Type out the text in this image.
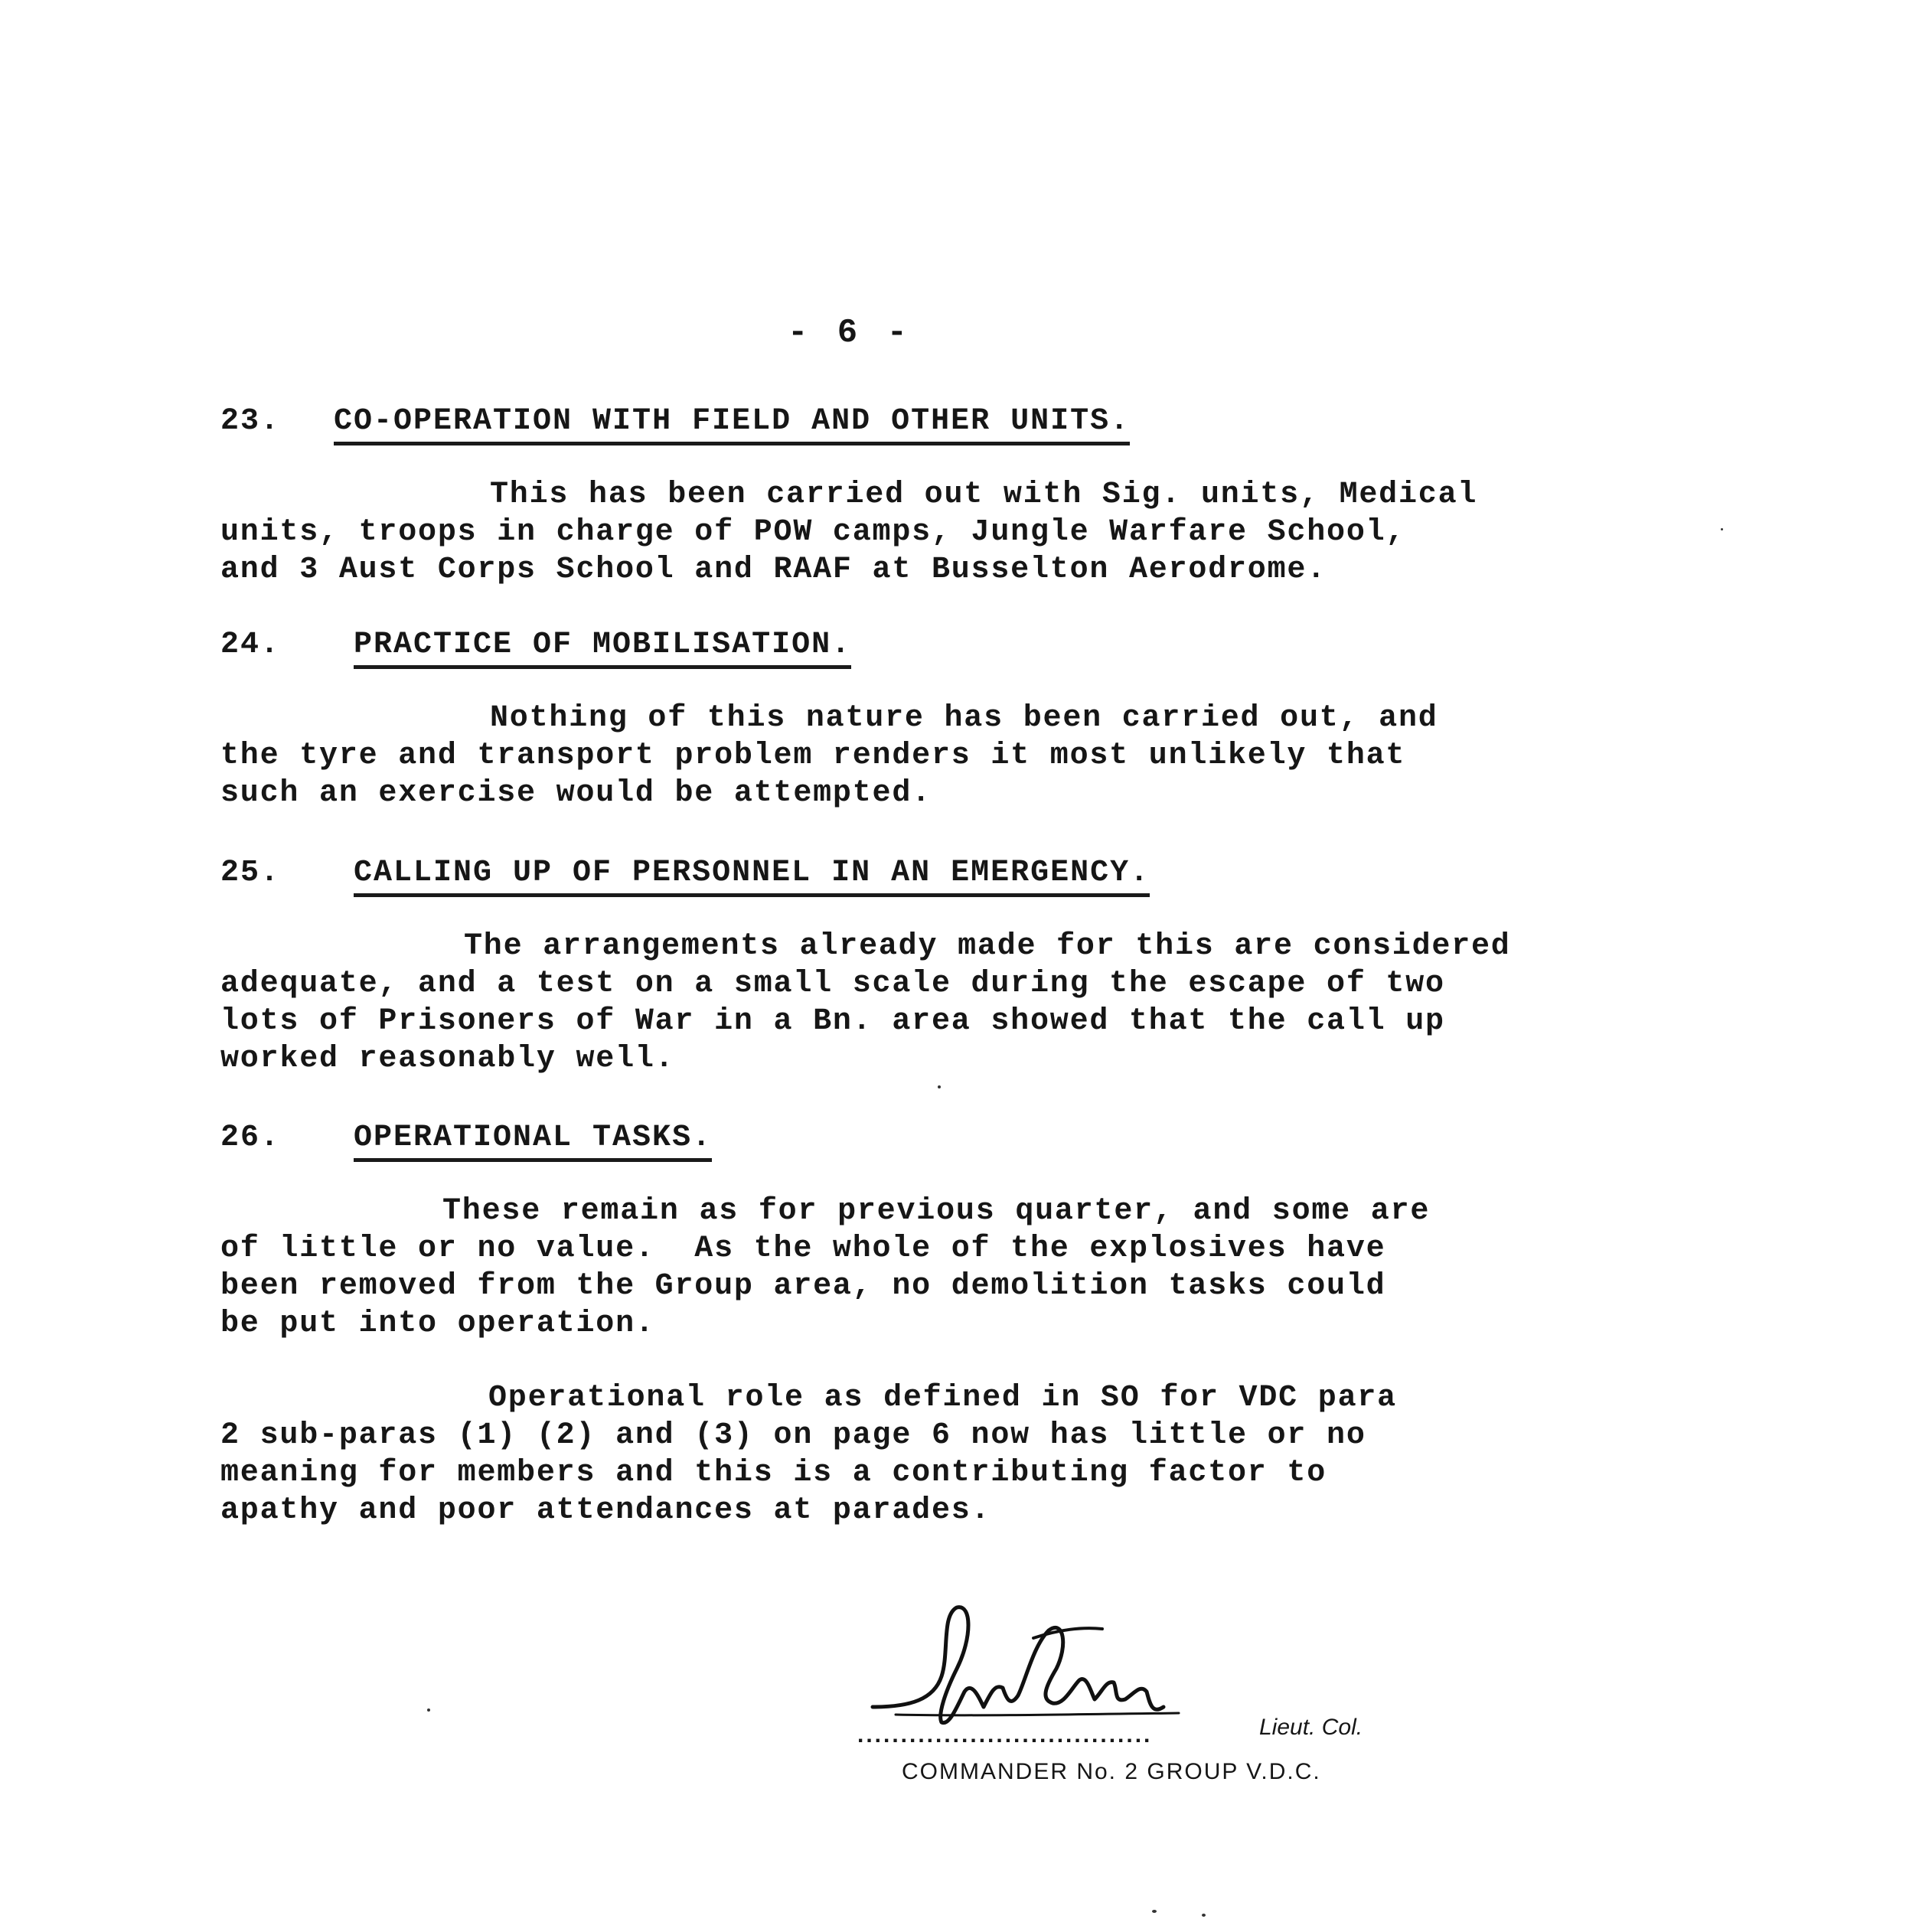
- 6 -
23. CO-OPERATION WITH FIELD AND OTHER UNITS.
This has been carried out with Sig. units, Medical
units, troops in charge of POW camps, Jungle Warfare School,
and 3 Aust Corps School and RAAF at Busselton Aerodrome.
24. PRACTICE OF MOBILISATION.
Nothing of this nature has been carried out, and
the tyre and transport problem renders it most unlikely that
such an exercise would be attempted.
25. CALLING UP OF PERSONNEL IN AN EMERGENCY.
The arrangements already made for this are considered
adequate, and a test on a small scale during the escape of two
lots of Prisoners of War in a Bn. area showed that the call up
worked reasonably well.
26. OPERATIONAL TASKS.
These remain as for previous quarter, and some are
of little or no value.  As the whole of the explosives have
been removed from the Group area, no demolition tasks could
be put into operation.
Operational role as defined in SO for VDC para
2 sub-paras (1) (2) and (3) on page 6 now has little or no
meaning for members and this is a contributing factor to
apathy and poor attendances at parades.
..................................	Lieut. Col.
COMMANDER No. 2 GROUP V.D.C.
